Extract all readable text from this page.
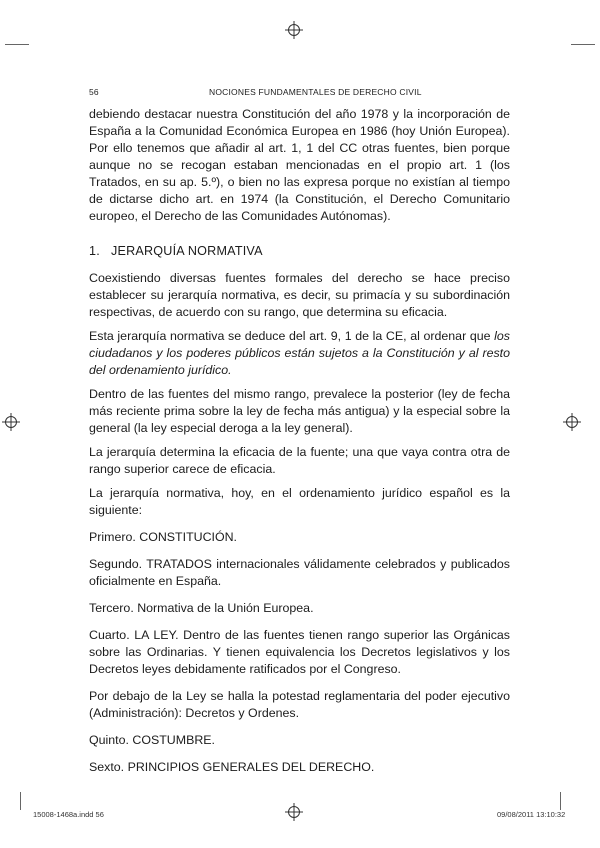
56	NOCIONES FUNDAMENTALES DE DERECHO CIVIL

debiendo destacar nuestra Constitución del año 1978 y la incorporación de España a la Comunidad Económica Europea en 1986 (hoy Unión Europea). Por ello tenemos que añadir al art. 1, 1 del CC otras fuentes, bien porque aunque no se recogan estaban mencionadas en el propio art. 1 (los Tratados, en su ap. 5.º), o bien no las expresa porque no existían al tiempo de dictarse dicho art. en 1974 (la Constitución, el Derecho Comunitario europeo, el Derecho de las Comunidades Autónomas).

1. JERARQUÍA NORMATIVA

Coexistiendo diversas fuentes formales del derecho se hace preciso establecer su jerarquía normativa, es decir, su primacía y su subordinación respectivas, de acuerdo con su rango, que determina su eficacia.

Esta jerarquía normativa se deduce del art. 9, 1 de la CE, al ordenar que los ciudadanos y los poderes públicos están sujetos a la Constitución y al resto del ordenamiento jurídico.

Dentro de las fuentes del mismo rango, prevalece la posterior (ley de fecha más reciente prima sobre la ley de fecha más antigua) y la especial sobre la general (la ley especial deroga a la ley general).

La jerarquía determina la eficacia de la fuente; una que vaya contra otra de rango superior carece de eficacia.

La jerarquía normativa, hoy, en el ordenamiento jurídico español es la siguiente:

Primero. CONSTITUCIÓN.

Segundo. TRATADOS internacionales válidamente celebrados y publicados oficialmente en España.

Tercero. Normativa de la Unión Europea.

Cuarto. LA LEY. Dentro de las fuentes tienen rango superior las Orgánicas sobre las Ordinarias. Y tienen equivalencia los Decretos legislativos y los Decretos leyes debidamente ratificados por el Congreso.

Por debajo de la Ley se halla la potestad reglamentaria del poder ejecutivo (Administración): Decretos y Ordenes.

Quinto. COSTUMBRE.

Sexto. PRINCIPIOS GENERALES DEL DERECHO.

15008-1468a.indd 56	09/08/2011 13:10:32
